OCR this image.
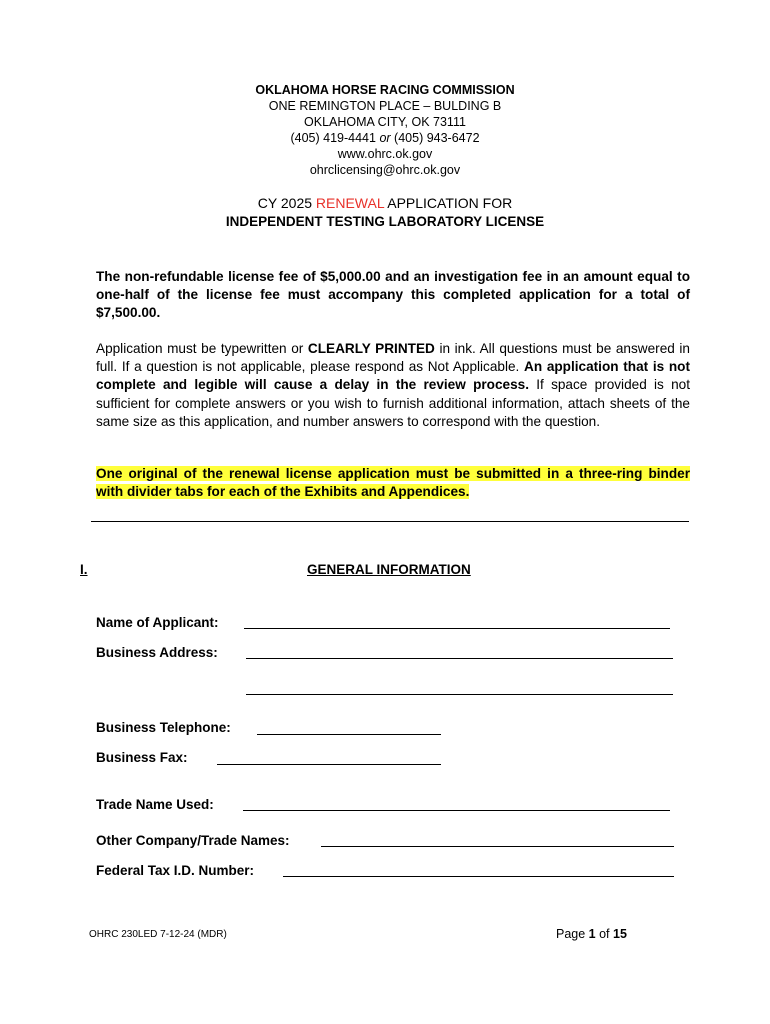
OKLAHOMA HORSE RACING COMMISSION
ONE REMINGTON PLACE – BULDING B
OKLAHOMA CITY, OK 73111
(405) 419-4441 or (405) 943-6472
www.ohrc.ok.gov
ohrclicensing@ohrc.ok.gov
CY 2025 RENEWAL APPLICATION FOR
INDEPENDENT TESTING LABORATORY LICENSE
The non-refundable license fee of $5,000.00 and an investigation fee in an amount equal to one-half of the license fee must accompany this completed application for a total of $7,500.00.
Application must be typewritten or CLEARLY PRINTED in ink. All questions must be answered in full. If a question is not applicable, please respond as Not Applicable. An application that is not complete and legible will cause a delay in the review process. If space provided is not sufficient for complete answers or you wish to furnish additional information, attach sheets of the same size as this application, and number answers to correspond with the question.
One original of the renewal license application must be submitted in a three-ring binder with divider tabs for each of the Exhibits and Appendices.
I.	GENERAL INFORMATION
Name of Applicant:
Business Address:
Business Telephone:
Business Fax:
Trade Name Used:
Other Company/Trade Names:
Federal Tax I.D. Number:
OHRC 230LED 7-12-24 (MDR)	Page 1 of 15
